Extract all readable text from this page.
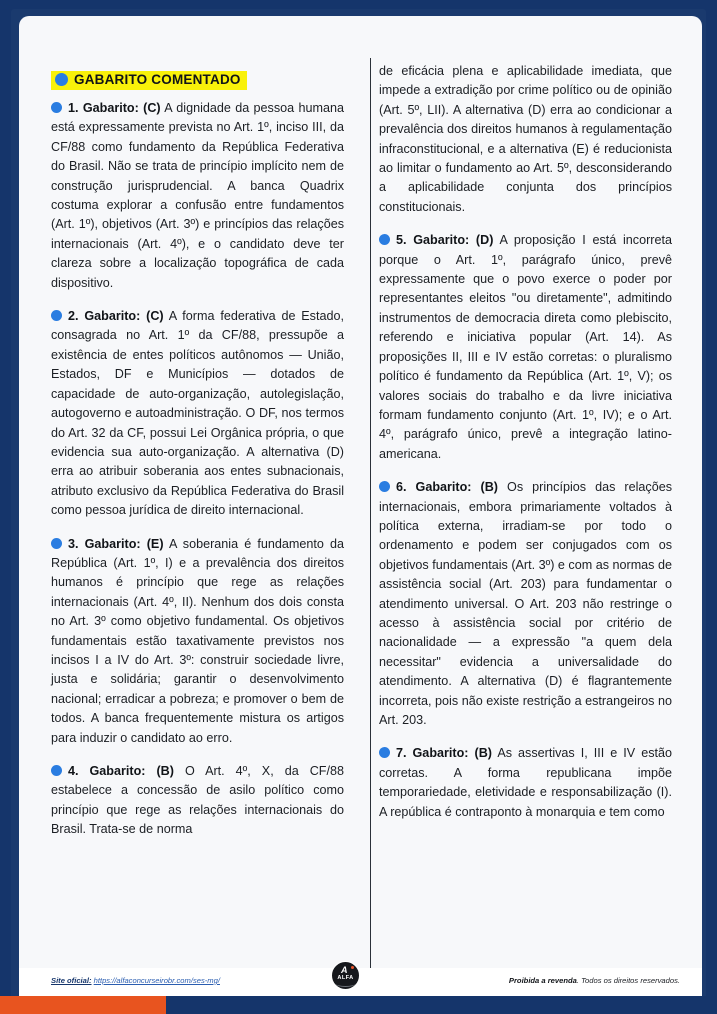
GABARITO COMENTADO

1. Gabarito: (C) A dignidade da pessoa humana está expressamente prevista no Art. 1º, inciso III, da CF/88 como fundamento da República Federativa do Brasil. Não se trata de princípio implícito nem de construção jurisprudencial. A banca Quadrix costuma explorar a confusão entre fundamentos (Art. 1º), objetivos (Art. 3º) e princípios das relações internacionais (Art. 4º), e o candidato deve ter clareza sobre a localização topográfica de cada dispositivo.

2. Gabarito: (C) A forma federativa de Estado, consagrada no Art. 1º da CF/88, pressupõe a existência de entes políticos autônomos — União, Estados, DF e Municípios — dotados de capacidade de auto-organização, autolegislação, autogoverno e autoadministração. O DF, nos termos do Art. 32 da CF, possui Lei Orgânica própria, o que evidencia sua auto-organização. A alternativa (D) erra ao atribuir soberania aos entes subnacionais, atributo exclusivo da República Federativa do Brasil como pessoa jurídica de direito internacional.

3. Gabarito: (E) A soberania é fundamento da República (Art. 1º, I) e a prevalência dos direitos humanos é princípio que rege as relações internacionais (Art. 4º, II). Nenhum dos dois consta no Art. 3º como objetivo fundamental. Os objetivos fundamentais estão taxativamente previstos nos incisos I a IV do Art. 3º: construir sociedade livre, justa e solidária; garantir o desenvolvimento nacional; erradicar a pobreza; e promover o bem de todos. A banca frequentemente mistura os artigos para induzir o candidato ao erro.

4. Gabarito: (B) O Art. 4º, X, da CF/88 estabelece a concessão de asilo político como princípio que rege as relações internacionais do Brasil. Trata-se de norma

de eficácia plena e aplicabilidade imediata, que impede a extradição por crime político ou de opinião (Art. 5º, LII). A alternativa (D) erra ao condicionar a prevalência dos direitos humanos à regulamentação infraconstitucional, e a alternativa (E) é reducionista ao limitar o fundamento ao Art. 5º, desconsiderando a aplicabilidade conjunta dos princípios constitucionais.

5. Gabarito: (D) A proposição I está incorreta porque o Art. 1º, parágrafo único, prevê expressamente que o povo exerce o poder por representantes eleitos "ou diretamente", admitindo instrumentos de democracia direta como plebiscito, referendo e iniciativa popular (Art. 14). As proposições II, III e IV estão corretas: o pluralismo político é fundamento da República (Art. 1º, V); os valores sociais do trabalho e da livre iniciativa formam fundamento conjunto (Art. 1º, IV); e o Art. 4º, parágrafo único, prevê a integração latino-americana.

6. Gabarito: (B) Os princípios das relações internacionais, embora primariamente voltados à política externa, irradiam-se por todo o ordenamento e podem ser conjugados com os objetivos fundamentais (Art. 3º) e com as normas de assistência social (Art. 203) para fundamentar o atendimento universal. O Art. 203 não restringe o acesso à assistência social por critério de nacionalidade — a expressão "a quem dela necessitar" evidencia a universalidade do atendimento. A alternativa (D) é flagrantemente incorreta, pois não existe restrição a estrangeiros no Art. 203.

7. Gabarito: (B) As assertivas I, III e IV estão corretas. A forma republicana impõe temporariedade, eletividade e responsabilização (I). A república é contraponto à monarquia e tem como

Site oficial: https://alfaconcurseirobr.com/ses-mg/	Proibida a revenda. Todos os direitos reservados.
A
ALFA
